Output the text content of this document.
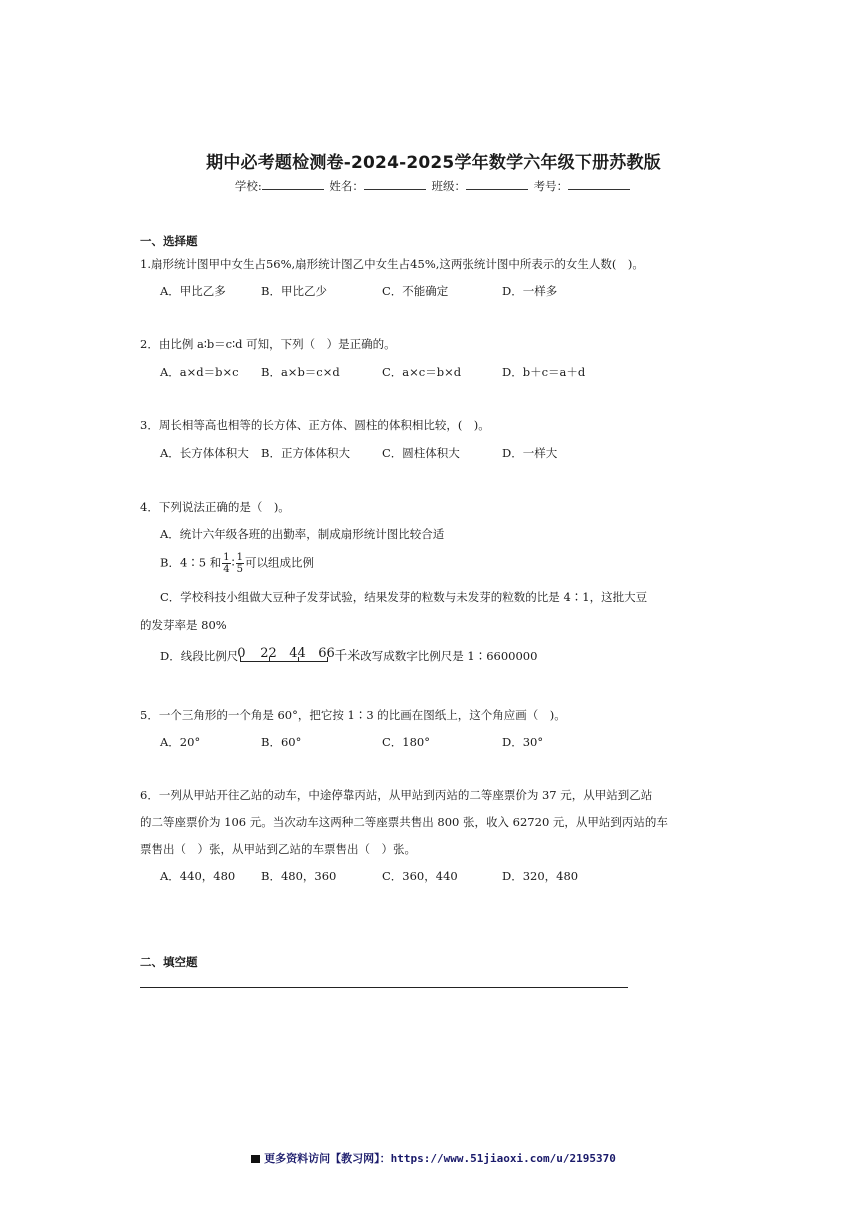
期中必考题检测卷-2024-2025学年数学六年级下册苏教版
学校:	姓名：	班级：	考号：
一、选择题
1.扇形统计图甲中女生占56%,扇形统计图乙中女生占45%,这两张统计图中所表示的女生人数(　)。
A．甲比乙多	B．甲比乙少	C．不能确定	D．一样多
2．由比例 a∶b＝c∶d 可知，下列（　）是正确的。
A．a×d＝b×c B．a×b＝c×d	C．a×c＝b×d	D．b＋c＝a＋d
3．周长相等高也相等的长方体、正方体、圆柱的体积相比较，(　)。
A．长方体体积大 B．正方体体积大	C．圆柱体积大	D．一样大
4．下列说法正确的是（　)。
A．统计六年级各班的出勤率，制成扇形统计图比较合适
B．4∶5 和 $\frac{1}{4}$ ∶ $\frac{1}{5}$ 可以组成比例
C．学校科技小组做大豆种子发芽试验，结果发芽的粒数与未发芽的粒数的比是 4∶1，这批大豆
的发芽率是 80%
D．线段比例尺 0 22 44 66 千米改写成数字比例尺是 1∶6600000
5．一个三角形的一个角是 60°，把它按 1∶3 的比画在图纸上，这个角应画（　)。
A．20°	B．60°	C．180°	D．30°
6．一列从甲站开往乙站的动车，中途停靠丙站，从甲站到丙站的二等座票价为 37 元，从甲站到乙站
的二等座票价为 106 元。当次动车这两种二等座票共售出 800 张，收入 62720 元，从甲站到丙站的车
票售出（　）张，从甲站到乙站的车票售出（　）张。
A．440，480 B．480，360	C．360，440	D．320，480
二、填空题
更多资料访问【教习网】：https://www.51jiaoxi.com/u/2195370
